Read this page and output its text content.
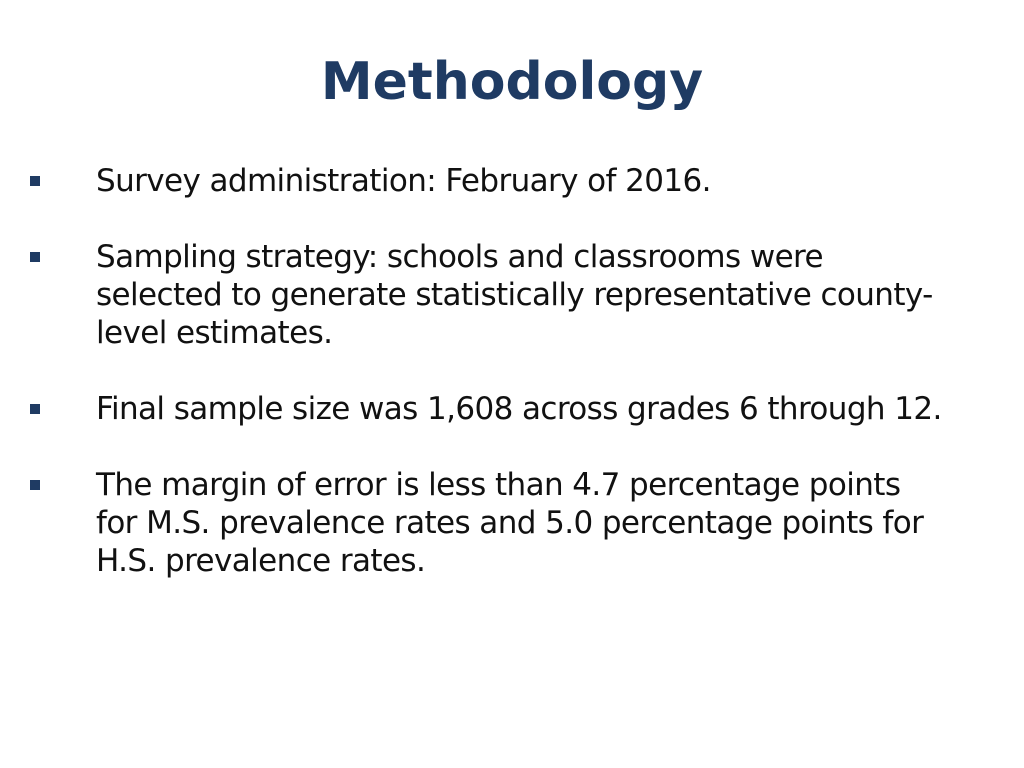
Methodology
Survey administration: February of 2016.
Sampling strategy: schools and classrooms were
selected to generate statistically representative county-
level estimates.
Final sample size was 1,608 across grades 6 through 12.
The margin of error is less than 4.7 percentage points
for M.S. prevalence rates and 5.0 percentage points for
H.S. prevalence rates.
